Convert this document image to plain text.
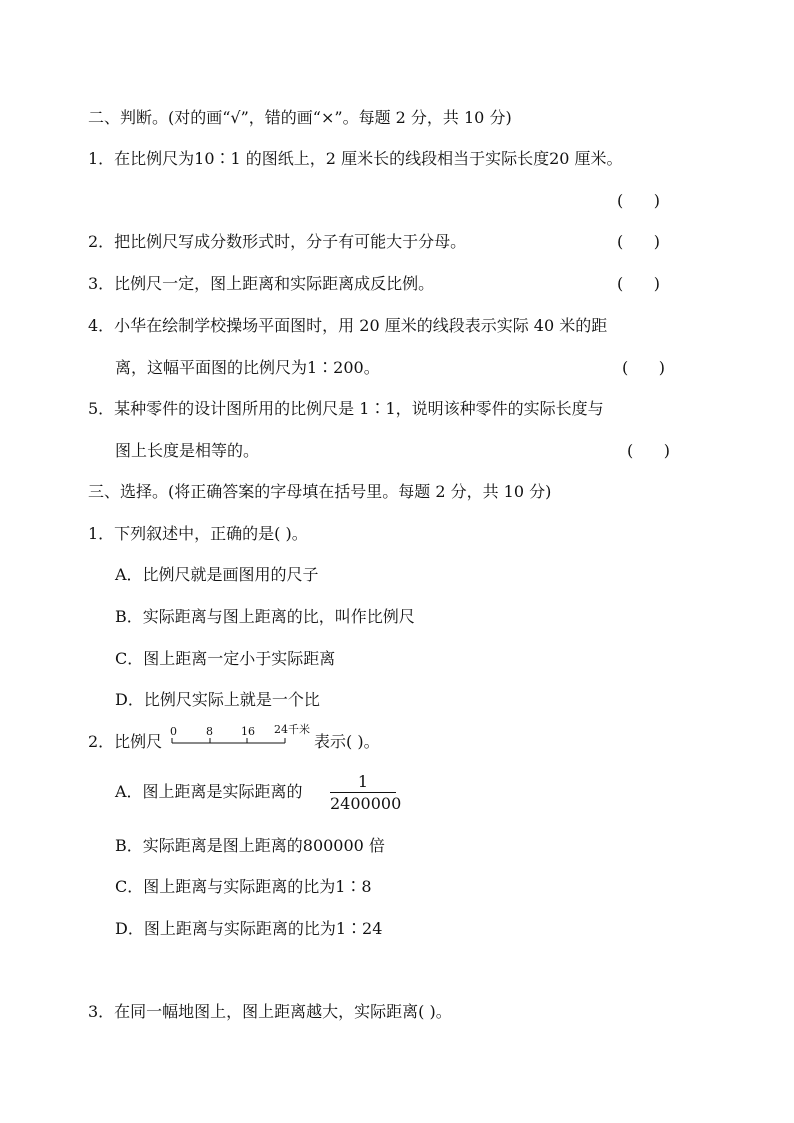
二、判断。(对的画“√”，错的画“×”。每题 2 分，共 10 分)
1．在比例尺为10∶1 的图纸上，2 厘米长的线段相当于实际长度20 厘米。
(      )
2．把比例尺写成分数形式时，分子有可能大于分母。	(      )
3．比例尺一定，图上距离和实际距离成反比例。	(      )
4．小华在绘制学校操场平面图时，用 20 厘米的线段表示实际 40 米的距
离，这幅平面图的比例尺为1∶200。	(      )
5．某种零件的设计图所用的比例尺是 1∶1，说明该种零件的实际长度与
图上长度是相等的。	(      )
三、选择。(将正确答案的字母填在括号里。每题 2 分，共 10 分)
1．下列叙述中，正确的是( )。
A．比例尺就是画图用的尺子
B．实际距离与图上距离的比，叫作比例尺
C．图上距离一定小于实际距离
D．比例尺实际上就是一个比
2．比例尺
0	8	16 24千米
表示( )。
A．图上距离是实际距离的
1
2400000
B．实际距离是图上距离的800000 倍
C．图上距离与实际距离的比为1∶8
D．图上距离与实际距离的比为1∶24
3．在同一幅地图上，图上距离越大，实际距离( )。
